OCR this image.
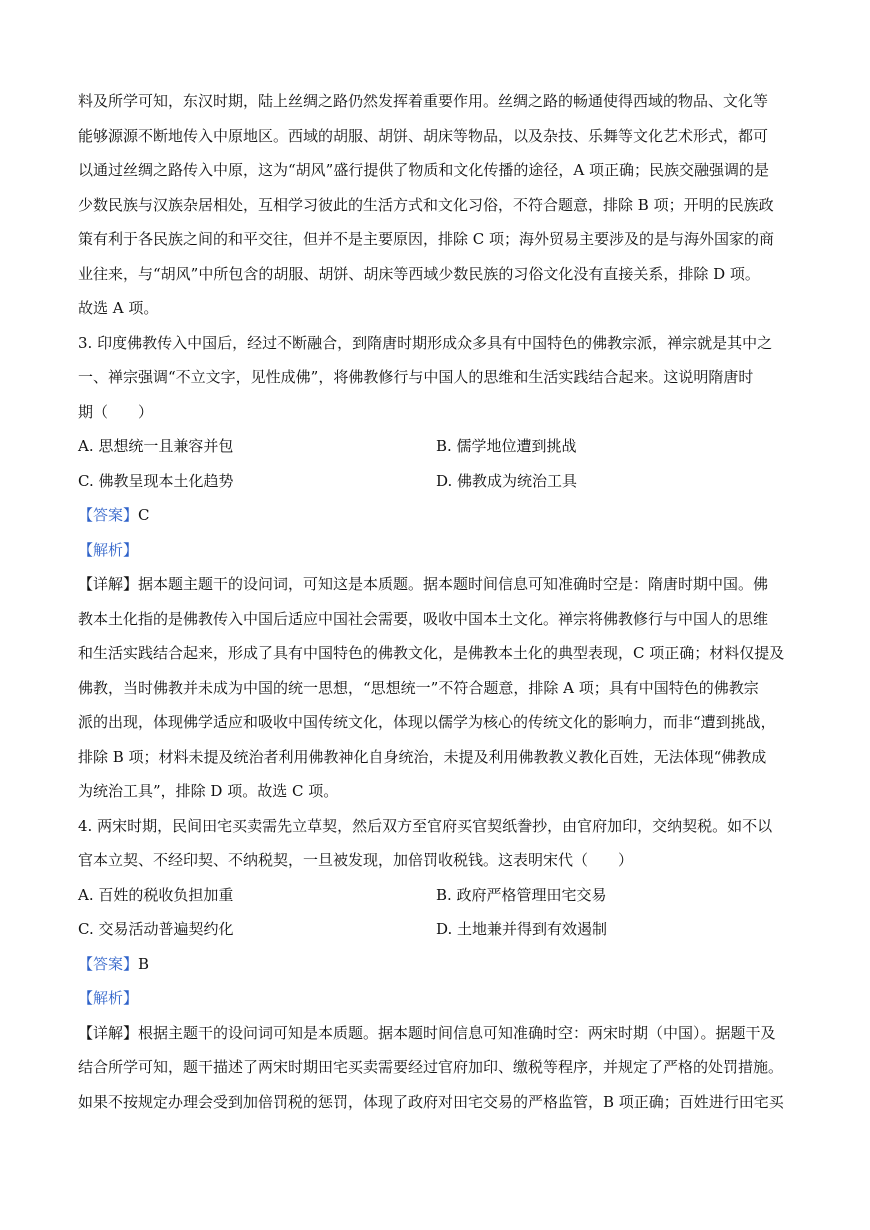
料及所学可知，东汉时期，陆上丝绸之路仍然发挥着重要作用。丝绸之路的畅通使得西域的物品、文化等
能够源源不断地传入中原地区。西域的胡服、胡饼、胡床等物品，以及杂技、乐舞等文化艺术形式，都可
以通过丝绸之路传入中原，这为“胡风”盛行提供了物质和文化传播的途径，A 项正确；民族交融强调的是
少数民族与汉族杂居相处，互相学习彼此的生活方式和文化习俗，不符合题意，排除 B 项；开明的民族政
策有利于各民族之间的和平交往，但并不是主要原因，排除 C 项；海外贸易主要涉及的是与海外国家的商
业往来，与“胡风”中所包含的胡服、胡饼、胡床等西域少数民族的习俗文化没有直接关系，排除 D 项。
故选 A 项。
3. 印度佛教传入中国后，经过不断融合，到隋唐时期形成众多具有中国特色的佛教宗派，禅宗就是其中之
一、禅宗强调“不立文字，见性成佛”，将佛教修行与中国人的思维和生活实践结合起来。这说明隋唐时
期（　　）
A. 思想统一且兼容并包	B. 儒学地位遭到挑战
C. 佛教呈现本土化趋势	D. 佛教成为统治工具
【答案】C
【解析】
【详解】据本题主题干的设问词，可知这是本质题。据本题时间信息可知准确时空是：隋唐时期中国。佛
教本土化指的是佛教传入中国后适应中国社会需要，吸收中国本土文化。禅宗将佛教修行与中国人的思维
和生活实践结合起来，形成了具有中国特色的佛教文化，是佛教本土化的典型表现，C 项正确；材料仅提及
佛教，当时佛教并未成为中国的统一思想，“思想统一”不符合题意，排除 A 项；具有中国特色的佛教宗
派的出现，体现佛学适应和吸收中国传统文化，体现以儒学为核心的传统文化的影响力，而非“遭到挑战，
排除 B 项；材料未提及统治者利用佛教神化自身统治，未提及利用佛教教义教化百姓，无法体现“佛教成
为统治工具”，排除 D 项。故选 C 项。
4. 两宋时期，民间田宅买卖需先立草契，然后双方至官府买官契纸誊抄，由官府加印，交纳契税。如不以
官本立契、不经印契、不纳税契，一旦被发现，加倍罚收税钱。这表明宋代（　　）
A. 百姓的税收负担加重	B. 政府严格管理田宅交易
C. 交易活动普遍契约化	D. 土地兼并得到有效遏制
【答案】B
【解析】
【详解】根据主题干的设问词可知是本质题。据本题时间信息可知准确时空：两宋时期（中国）。据题干及
结合所学可知，题干描述了两宋时期田宅买卖需要经过官府加印、缴税等程序，并规定了严格的处罚措施。
如果不按规定办理会受到加倍罚税的惩罚，体现了政府对田宅交易的严格监管，B 项正确；百姓进行田宅买
